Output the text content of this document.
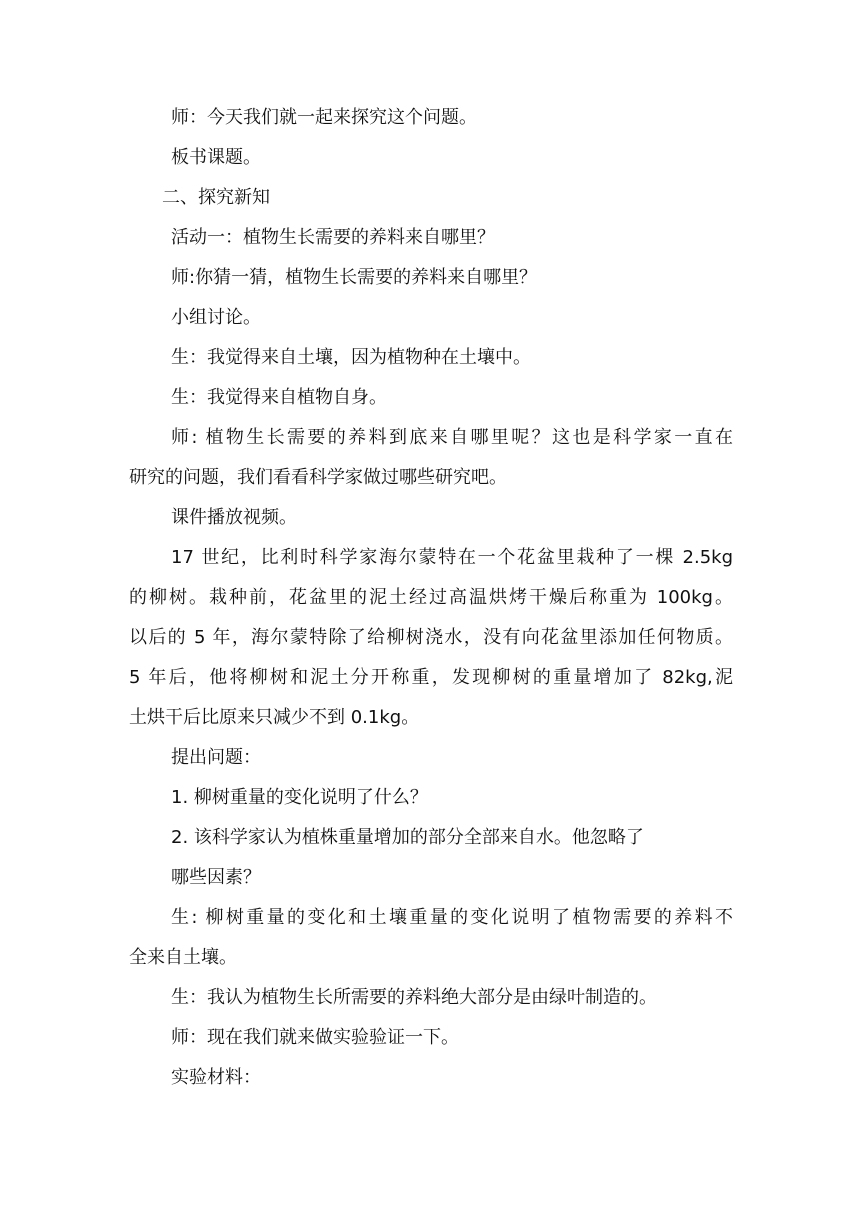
师：今天我们就一起来探究这个问题。
板书课题。
二、探究新知
活动一：植物生长需要的养料来自哪里？
师:你猜一猜，植物生长需要的养料来自哪里？
小组讨论。
生：我觉得来自土壤，因为植物种在土壤中。
生：我觉得来自植物自身。
师: 植物生长需要的养料到底来自哪里呢？这也是科学家一直在
研究的问题，我们看看科学家做过哪些研究吧。
课件播放视频。
17 世纪，比利时科学家海尔蒙特在一个花盆里栽种了一棵 2.5kg
的柳树。栽种前，花盆里的泥土经过高温烘烤干燥后称重为 100kg。
以后的 5 年，海尔蒙特除了给柳树浇水，没有向花盆里添加任何物质。
5 年后，他将柳树和泥土分开称重，发现柳树的重量增加了 82kg,泥
土烘干后比原来只减少不到 0.1kg。
提出问题：
1. 柳树重量的变化说明了什么？
2. 该科学家认为植株重量增加的部分全部来自水。他忽略了
哪些因素？
生: 柳树重量的变化和土壤重量的变化说明了植物需要的养料不
全来自土壤。
生：我认为植物生长所需要的养料绝大部分是由绿叶制造的。
师：现在我们就来做实验验证一下。
实验材料：
